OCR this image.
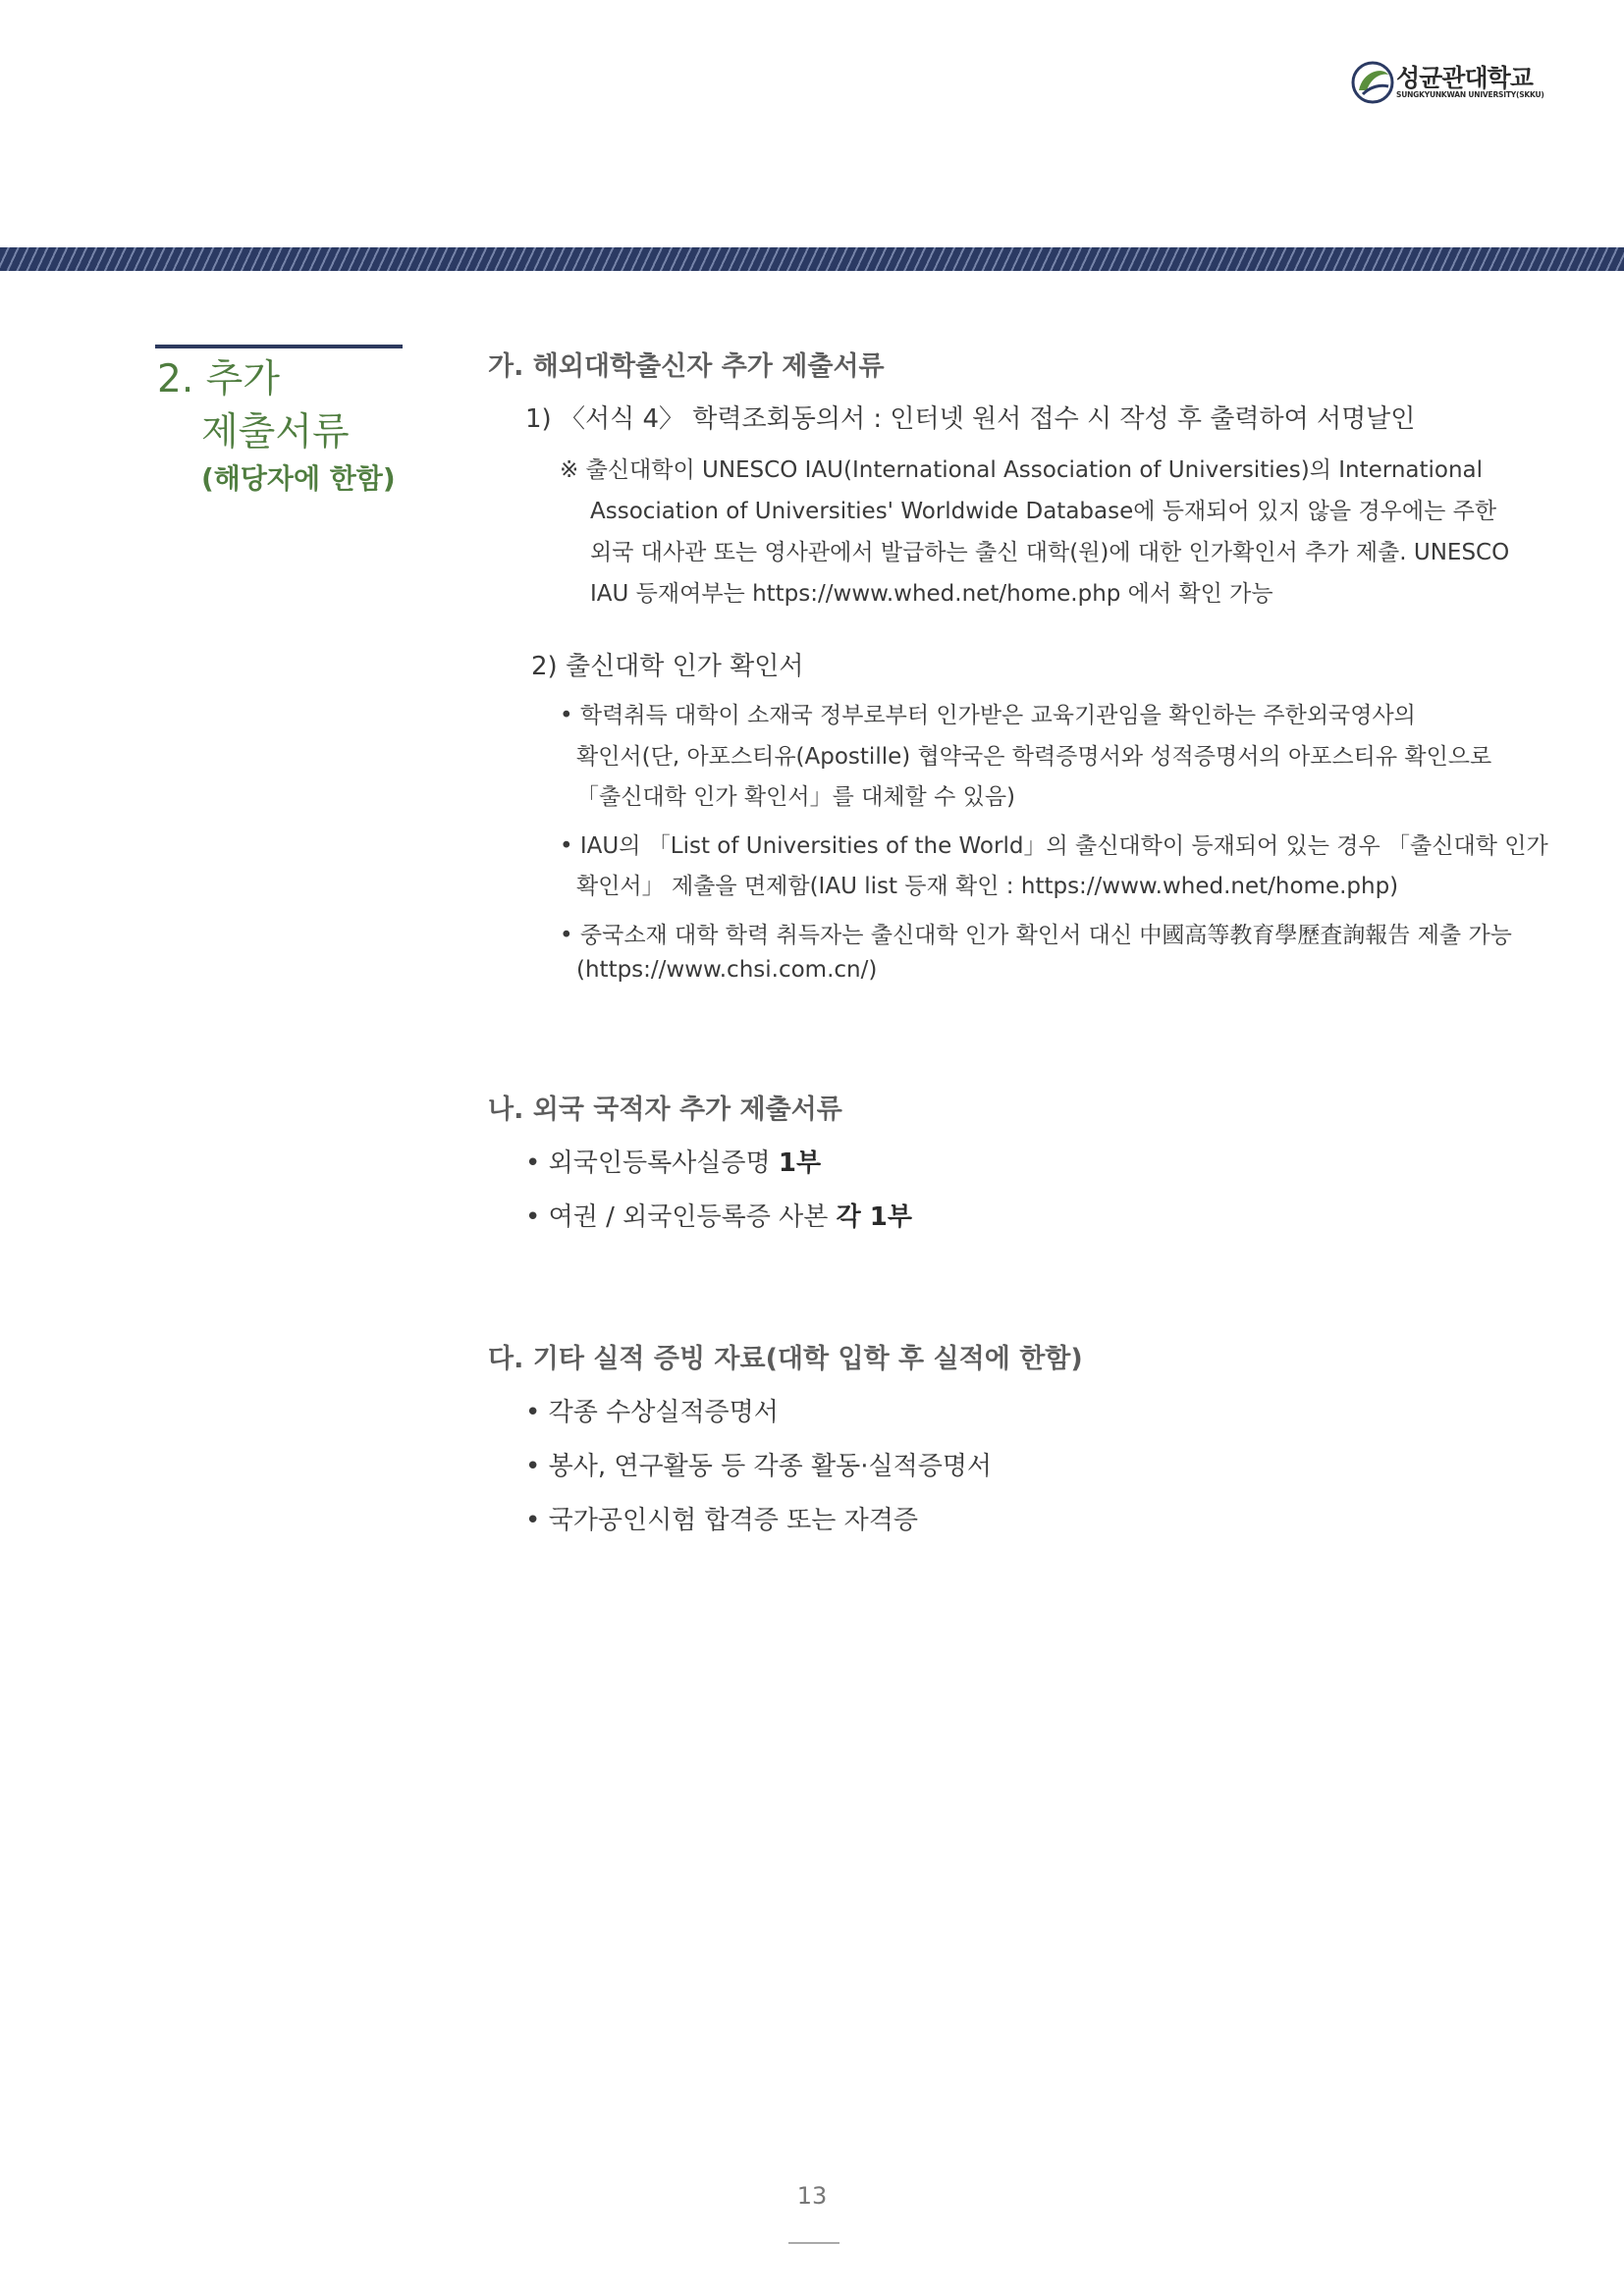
성균관대학교
SUNGKYUNKWAN UNIVERSITY(SKKU)
2. 추가
제출서류
(해당자에 한함)
가. 해외대학출신자 추가 제출서류
1) 〈서식 4〉 학력조회동의서 : 인터넷 원서 접수 시 작성 후 출력하여 서명날인
※ 출신대학이 UNESCO IAU(International Association of Universities)의 International
Association of Universities' Worldwide Database에 등재되어 있지 않을 경우에는 주한
외국 대사관 또는 영사관에서 발급하는 출신 대학(원)에 대한 인가확인서 추가 제출. UNESCO
IAU 등재여부는 https://www.whed.net/home.php 에서 확인 가능
2) 출신대학 인가 확인서
• 학력취득 대학이 소재국 정부로부터 인가받은 교육기관임을 확인하는 주한외국영사의
확인서(단, 아포스티유(Apostille) 협약국은 학력증명서와 성적증명서의 아포스티유 확인으로
「출신대학 인가 확인서」를 대체할 수 있음)
• IAU의 「List of Universities of the World」의 출신대학이 등재되어 있는 경우 「출신대학 인가
확인서」 제출을 면제함(IAU list 등재 확인 : https://www.whed.net/home.php)
• 중국소재 대학 학력 취득자는 출신대학 인가 확인서 대신 中國高等教育學歷査詢報告 제출 가능
(https://www.chsi.com.cn/)
나. 외국 국적자 추가 제출서류
• 외국인등록사실증명 1부
• 여권 / 외국인등록증 사본 각 1부
다. 기타 실적 증빙 자료(대학 입학 후 실적에 한함)
• 각종 수상실적증명서
• 봉사, 연구활동 등 각종 활동·실적증명서
• 국가공인시험 합격증 또는 자격증
13
